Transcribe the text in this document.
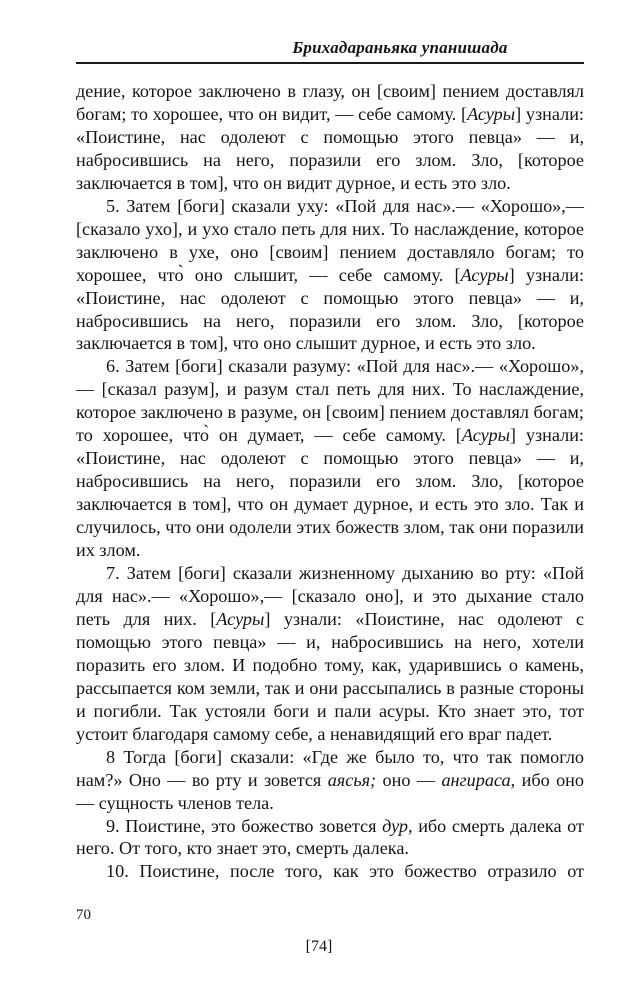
Брихадараньяка упанишада

дение, которое заключено в глазу, он [своим] пением доставлял богам; то хорошее, что он видит, — себе самому. [Асуры] узнали: «Поистине, нас одолеют с помощью этого певца» — и, набросившись на него, поразили его злом. Зло, [которое заключается в том], что он видит дурное, и есть это зло.

5. Затем [боги] сказали уху: «Пой для нас».— «Хорошо»,— [сказало ухо], и ухо стало петь для них. То наслаждение, которое заключено в ухе, оно [своим] пением доставляло богам; то хорошее, что̀ оно слышит, — себе самому. [Асуры] узнали: «Поистине, нас одолеют с помощью этого певца» — и, набросившись на него, поразили его злом. Зло, [которое заключается в том], что оно слышит дурное, и есть это зло.

6. Затем [боги] сказали разуму: «Пой для нас».— «Хорошо»,— [сказал разум], и разум стал петь для них. То наслаждение, которое заключено в разуме, он [своим] пением доставлял богам; то хорошее, что̀ он думает, — себе самому. [Асуры] узнали: «Поистине, нас одолеют с помощью этого певца» — и, набросившись на него, поразили его злом. Зло, [которое заключается в том], что он думает дурное, и есть это зло. Так и случилось, что они одолели этих божеств злом, так они поразили их злом.

7. Затем [боги] сказали жизненному дыханию во рту: «Пой для нас».— «Хорошо»,— [сказало оно], и это дыхание стало петь для них. [Асуры] узнали: «Поистине, нас одолеют с помощью этого певца» — и, набросившись на него, хотели поразить его злом. И подобно тому, как, ударившись о камень, рассыпается ком земли, так и они рассыпались в разные стороны и погибли. Так устояли боги и пали асуры. Кто знает это, тот устоит благодаря самому себе, а ненавидящий его враг падет.

8 Тогда [боги] сказали: «Где же было то, что так помогло нам?» Оно — во рту и зовется аясья; оно — ангираса, ибо оно — сущность членов тела.

9. Поистине, это божество зовется дур, ибо смерть далека от него. От того, кто знает это, смерть далека.

10. Поистине, после того, как это божество отразило от

70
[74]
